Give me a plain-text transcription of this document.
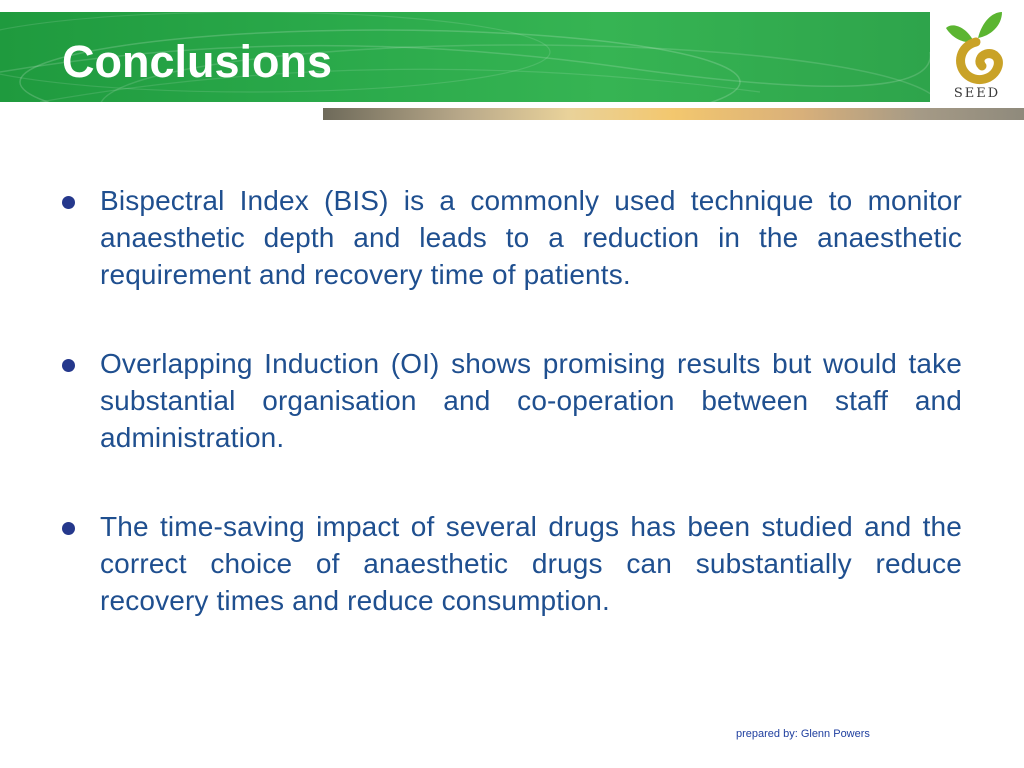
Conclusions
SEED
Bispectral Index (BIS) is a commonly used technique to monitor anaesthetic depth and leads to a reduction in the anaesthetic requirement and recovery time of patients.
Overlapping Induction (OI) shows promising results but would take substantial organisation and co-operation between staff and administration.
The time-saving impact of several drugs has been studied and the correct choice of anaesthetic drugs can substantially reduce recovery times and reduce consumption.
prepared by: Glenn Powers
